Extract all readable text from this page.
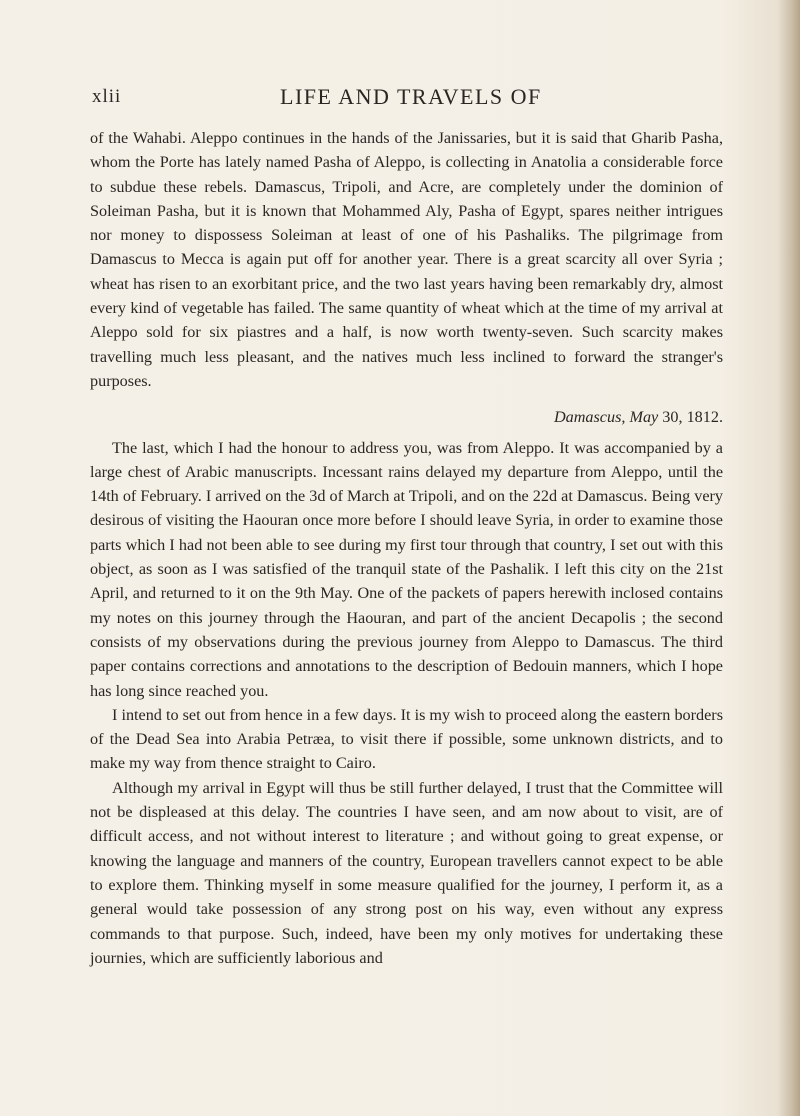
xlii	LIFE AND TRAVELS OF

of the Wahabi. Aleppo continues in the hands of the Janissaries, but it is said that Gharib Pasha, whom the Porte has lately named Pasha of Aleppo, is collecting in Anatolia a considerable force to subdue these rebels. Damascus, Tripoli, and Acre, are completely under the dominion of Soleiman Pasha, but it is known that Mohammed Aly, Pasha of Egypt, spares neither intrigues nor money to dispossess Soleiman at least of one of his Pashaliks. The pilgrimage from Damascus to Mecca is again put off for another year. There is a great scarcity all over Syria ; wheat has risen to an exorbitant price, and the two last years having been remarkably dry, almost every kind of vegetable has failed. The same quantity of wheat which at the time of my arrival at Aleppo sold for six piastres and a half, is now worth twenty-seven. Such scarcity makes travelling much less pleasant, and the natives much less inclined to forward the stranger's purposes.

Damascus, May 30, 1812.

The last, which I had the honour to address you, was from Aleppo. It was accompanied by a large chest of Arabic manuscripts. Incessant rains delayed my departure from Aleppo, until the 14th of February. I arrived on the 3d of March at Tripoli, and on the 22d at Damascus. Being very desirous of visiting the Haouran once more before I should leave Syria, in order to examine those parts which I had not been able to see during my first tour through that country, I set out with this object, as soon as I was satisfied of the tranquil state of the Pashalik. I left this city on the 21st April, and returned to it on the 9th May. One of the packets of papers herewith inclosed contains my notes on this journey through the Haouran, and part of the ancient Decapolis ; the second consists of my observations during the previous journey from Aleppo to Damascus. The third paper contains corrections and annotations to the description of Bedouin manners, which I hope has long since reached you.

I intend to set out from hence in a few days. It is my wish to proceed along the eastern borders of the Dead Sea into Arabia Petræa, to visit there if possible, some unknown districts, and to make my way from thence straight to Cairo.

Although my arrival in Egypt will thus be still further delayed, I trust that the Committee will not be displeased at this delay. The countries I have seen, and am now about to visit, are of difficult access, and not without interest to literature ; and without going to great expense, or knowing the language and manners of the country, European travellers cannot expect to be able to explore them. Thinking myself in some measure qualified for the journey, I perform it, as a general would take possession of any strong post on his way, even without any express commands to that purpose. Such, indeed, have been my only motives for undertaking these journies, which are sufficiently laborious and
